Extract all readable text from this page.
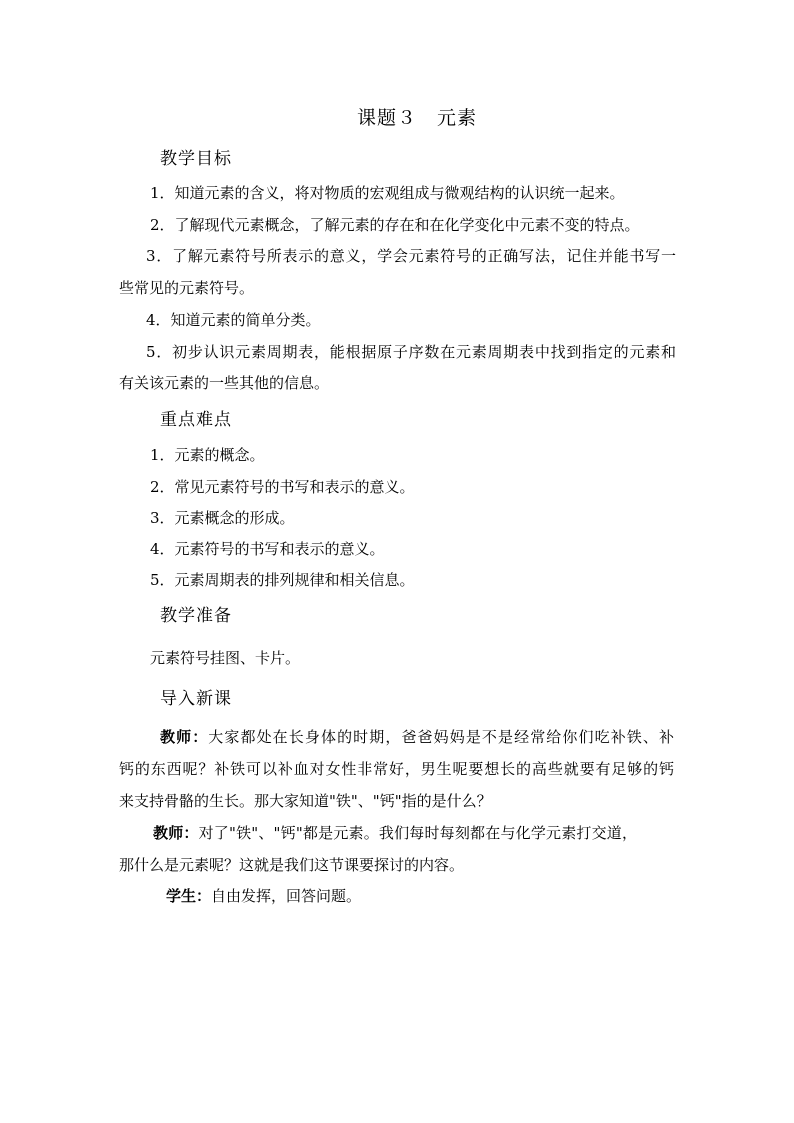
课题３　元素
教学目标
1．知道元素的含义，将对物质的宏观组成与微观结构的认识统一起来。
2．了解现代元素概念，了解元素的存在和在化学变化中元素不变的特点。
3．了解元素符号所表示的意义，学会元素符号的正确写法，记住并能书写一
些常见的元素符号。
4．知道元素的简单分类。
5．初步认识元素周期表，能根据原子序数在元素周期表中找到指定的元素和
有关该元素的一些其他的信息。
重点难点
1．元素的概念。
2．常见元素符号的书写和表示的意义。
3．元素概念的形成。
4．元素符号的书写和表示的意义。
5．元素周期表的排列规律和相关信息。
教学准备
元素符号挂图、卡片。
导入新课
教师：大家都处在长身体的时期，爸爸妈妈是不是经常给你们吃补铁、补
钙的东西呢？补铁可以补血对女性非常好，男生呢要想长的高些就要有足够的钙
来支持骨骼的生长。那大家知道"铁"、"钙"指的是什么？
教师：对了"铁"、"钙"都是元素。我们每时每刻都在与化学元素打交道，
那什么是元素呢？这就是我们这节课要探讨的内容。
学生：自由发挥，回答问题。
